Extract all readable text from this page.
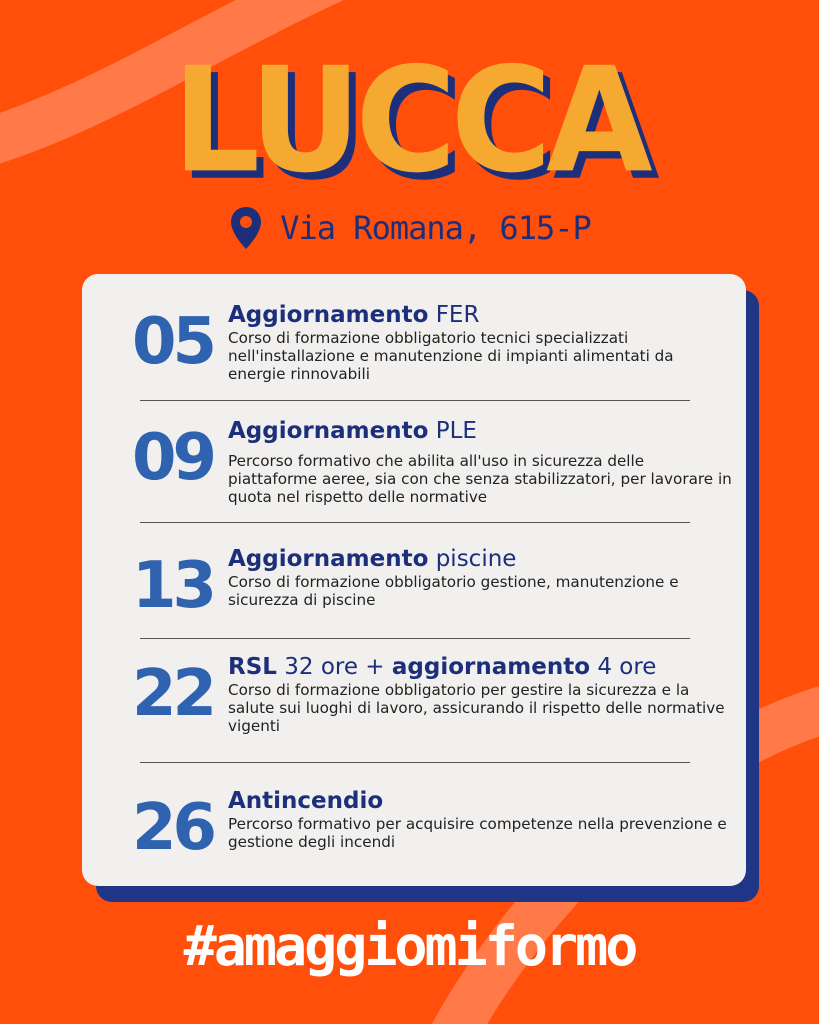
LUCCA
Via Romana, 615-P
05 Aggiornamento FER
Corso di formazione obbligatorio tecnici specializzati nell'installazione e manutenzione di impianti alimentati da energie rinnovabili
09 Aggiornamento PLE
Percorso formativo che abilita all'uso in sicurezza delle piattaforme aeree, sia con che senza stabilizzatori, per lavorare in quota nel rispetto delle normative
13 Aggiornamento piscine
Corso di formazione obbligatorio gestione, manutenzione e sicurezza di piscine
22 RSL 32 ore + aggiornamento 4 ore
Corso di formazione obbligatorio per gestire la sicurezza e la salute sui luoghi di lavoro, assicurando il rispetto delle normative vigenti
26 Antincendio
Percorso formativo per acquisire competenze nella prevenzione e gestione degli incendi
#amaggiomiformo
